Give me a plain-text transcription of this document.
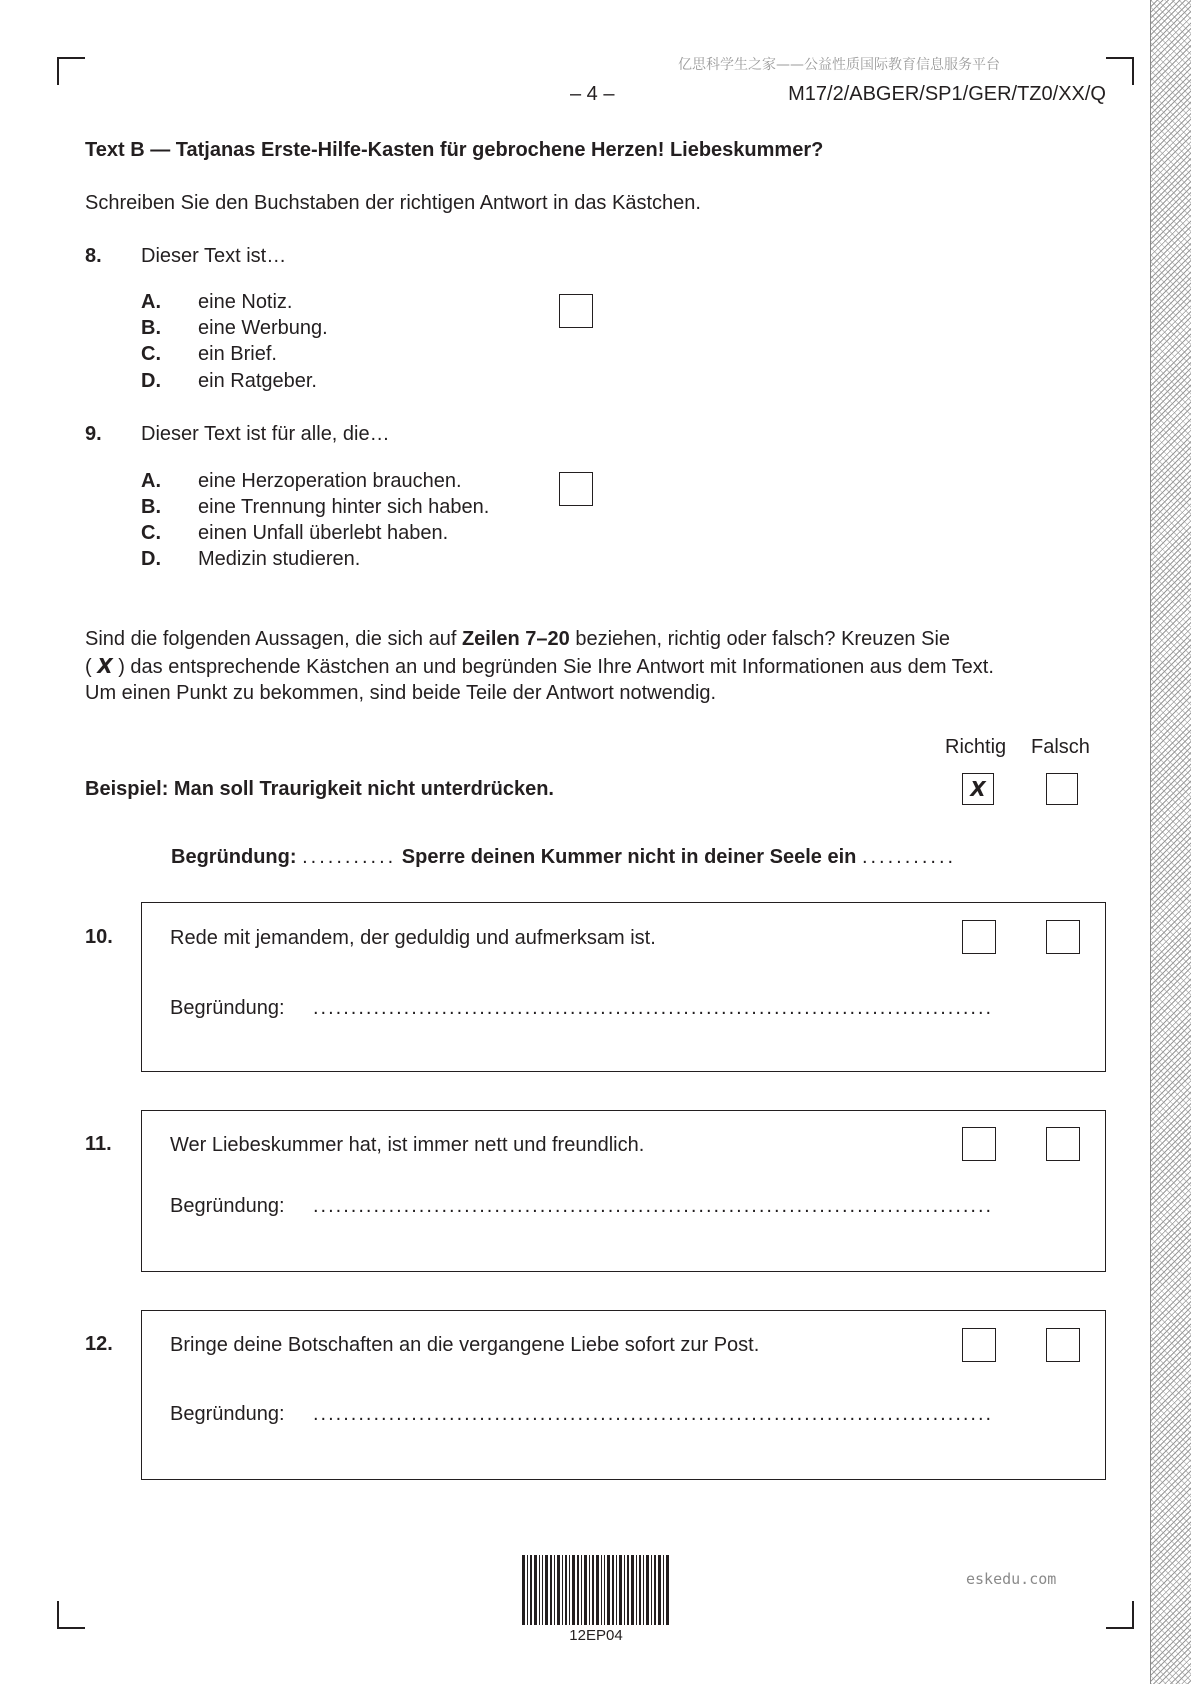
亿思科学生之家——公益性质国际教育信息服务平台
– 4 –	M17/2/ABGER/SP1/GER/TZ0/XX/Q
Text B — Tatjanas Erste-Hilfe-Kasten für gebrochene Herzen! Liebeskummer?
Schreiben Sie den Buchstaben der richtigen Antwort in das Kästchen.
8. Dieser Text ist…
A. eine Notiz.
B. eine Werbung.
C. ein Brief.
D. ein Ratgeber.
9. Dieser Text ist für alle, die…
A. eine Herzoperation brauchen.
B. eine Trennung hinter sich haben.
C. einen Unfall überlebt haben.
D. Medizin studieren.
Sind die folgenden Aussagen, die sich auf Zeilen 7–20 beziehen, richtig oder falsch? Kreuzen Sie
( X ) das entsprechende Kästchen an und begründen Sie Ihre Antwort mit Informationen aus dem Text.
Um einen Punkt zu bekommen, sind beide Teile der Antwort notwendig.
Richtig Falsch
Beispiel: Man soll Traurigkeit nicht unterdrücken.	X
Begründung: ........... Sperre deinen Kummer nicht in deiner Seele ein ...........
10.	Rede mit jemandem, der geduldig und aufmerksam ist.
Begründung: ..........................................................................................
11.	Wer Liebeskummer hat, ist immer nett und freundlich.
Begründung: ..........................................................................................
12.	Bringe deine Botschaften an die vergangene Liebe sofort zur Post.
Begründung: ..........................................................................................
12EP04
eskedu.com
